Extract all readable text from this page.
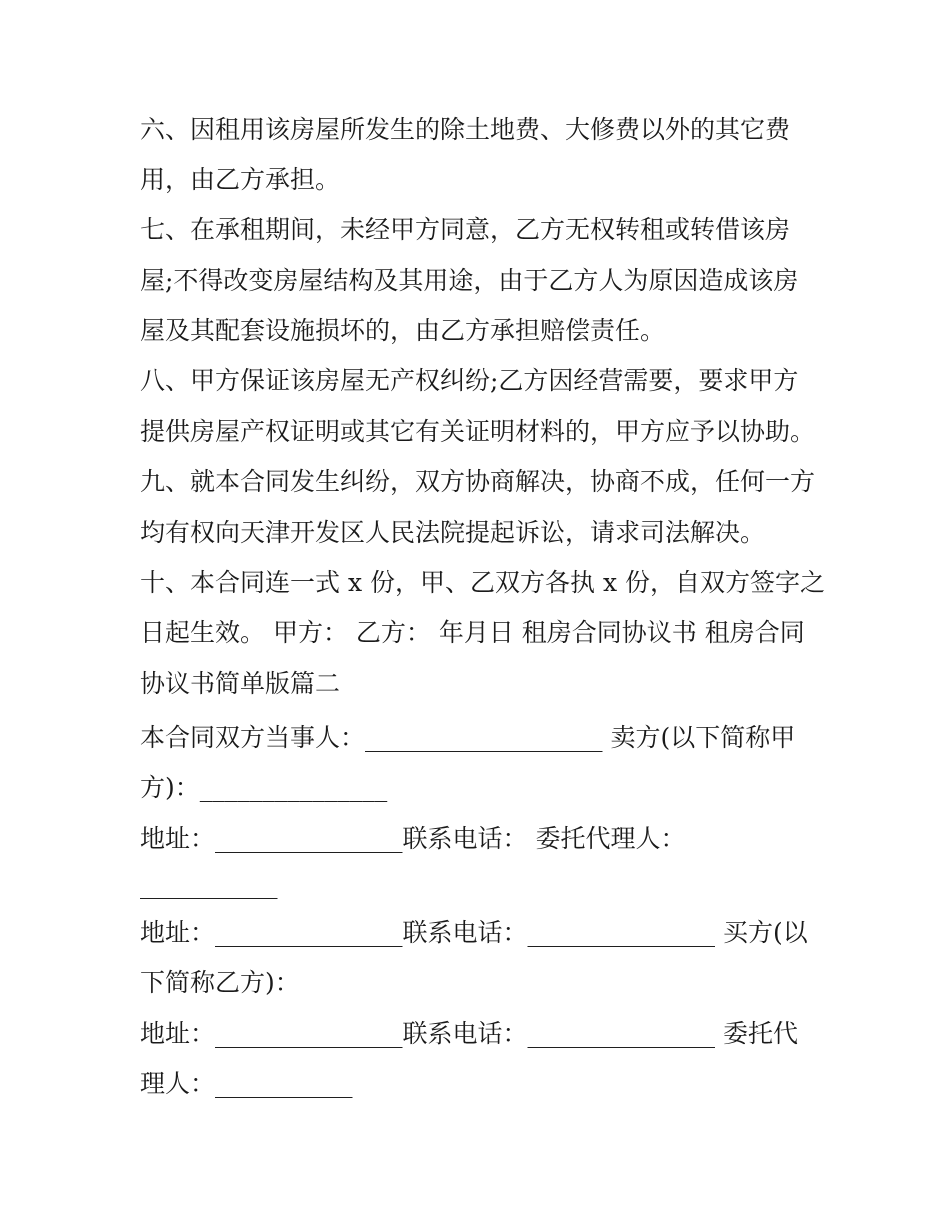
六、因租用该房屋所发生的除土地费、大修费以外的其它费
用，由乙方承担。
七、在承租期间，未经甲方同意，乙方无权转租或转借该房
屋;不得改变房屋结构及其用途，由于乙方人为原因造成该房
屋及其配套设施损坏的，由乙方承担赔偿责任。
八、甲方保证该房屋无产权纠纷;乙方因经营需要，要求甲方
提供房屋产权证明或其它有关证明材料的，甲方应予以协助。
九、就本合同发生纠纷，双方协商解决，协商不成，任何一方
均有权向天津开发区人民法院提起诉讼，请求司法解决。
十、本合同连一式 x 份，甲、乙双方各执 x 份，自双方签字之
日起生效。 甲方： 乙方： 年月日 租房合同协议书 租房合同
协议书简单版篇二
本合同双方当事人：___________________ 卖方(以下简称甲
方)：_______________
地址：_______________联系电话： 委托代理人：
___________
地址：_______________联系电话：_______________ 买方(以
下简称乙方)：
地址：_______________联系电话：_______________ 委托代
理人：___________
